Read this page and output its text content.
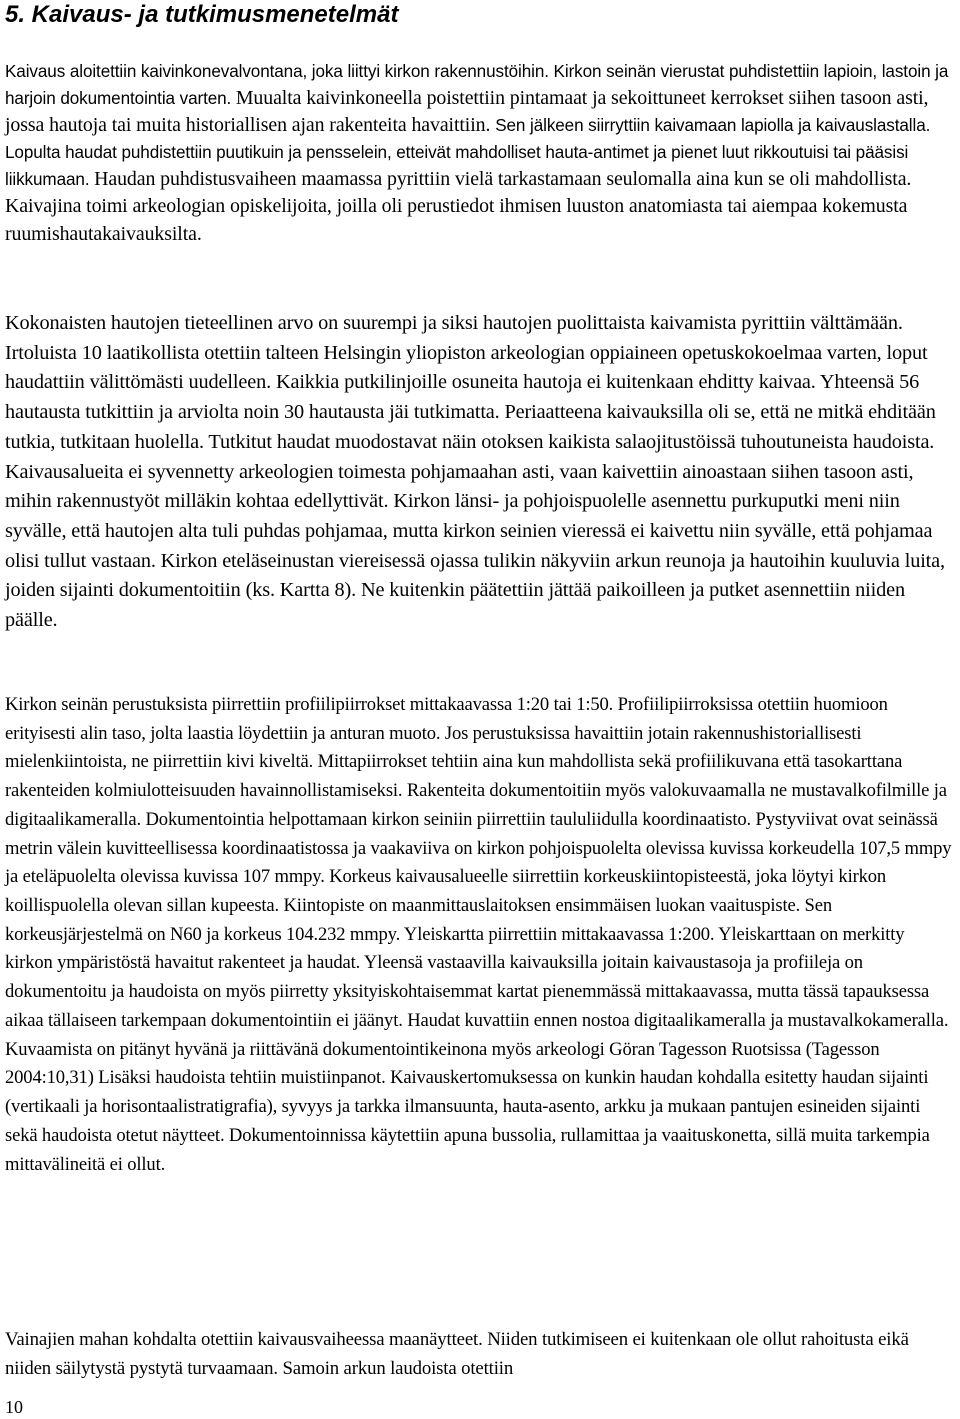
5. Kaivaus- ja tutkimusmenetelmät

Kaivaus aloitettiin kaivinkonevalvontana, joka liittyi kirkon rakennustöihin. Kirkon seinän vierustat puhdistettiin lapioin, lastoin ja harjoin dokumentointia varten. Muualta kaivinkoneella poistettiin pintamaat ja sekoittuneet kerrokset siihen tasoon asti, jossa hautoja tai muita historiallisen ajan rakenteita havaittiin. Sen jälkeen siirryttiin kaivamaan lapiolla ja kaivauslastalla. Lopulta haudat puhdistettiin puutikuin ja pensselein, etteivät mahdolliset hauta-antimet ja pienet luut rikkoutuisi tai pääsisi liikkumaan. Haudan puhdistusvaiheen maamassa pyrittiin vielä tarkastamaan seulomalla aina kun se oli mahdollista. Kaivajina toimi arkeologian opiskelijoita, joilla oli perustiedot ihmisen luuston anatomiasta tai aiempaa kokemusta ruumishautakaivauksilta.

Kokonaisten hautojen tieteellinen arvo on suurempi ja siksi hautojen puolittaista kaivamista pyrittiin välttämään. Irtoluista 10 laatikollista otettiin talteen Helsingin yliopiston arkeologian oppiaineen opetuskokoelmaa varten, loput haudattiin välittömästi uudelleen. Kaikkia putkilinjoille osuneita hautoja ei kuitenkaan ehditty kaivaa. Yhteensä 56 hautausta tutkittiin ja arviolta noin 30 hautausta jäi tutkimatta. Periaatteena kaivauksilla oli se, että ne mitkä ehditään tutkia, tutkitaan huolella. Tutkitut haudat muodostavat näin otoksen kaikista salaojitustöissä tuhoutuneista haudoista. Kaivausalueita ei syvennetty arkeologien toimesta pohjamaahan asti, vaan kaivettiin ainoastaan siihen tasoon asti, mihin rakennustyöt milläkin kohtaa edellyttivät. Kirkon länsi- ja pohjoispuolelle asennettu purkuputki meni niin syvälle, että hautojen alta tuli puhdas pohjamaa, mutta kirkon seinien vieressä ei kaivettu niin syvälle, että pohjamaa olisi tullut vastaan. Kirkon eteläseinustan viereisessä ojassa tulikin näkyviin arkun reunoja ja hautoihin kuuluvia luita, joiden sijainti dokumentoitiin (ks. Kartta 8). Ne kuitenkin päätettiin jättää paikoilleen ja putket asennettiin niiden päälle.

Kirkon seinän perustuksista piirrettiin profiilipiirrokset mittakaavassa 1:20 tai 1:50. Profiilipiirroksissa otettiin huomioon erityisesti alin taso, jolta laastia löydettiin ja anturan muoto. Jos perustuksissa havaittiin jotain rakennushistoriallisesti mielenkiintoista, ne piirrettiin kivi kiveltä. Mittapiirrokset tehtiin aina kun mahdollista sekä profiilikuvana että tasokarttana rakenteiden kolmiulotteisuuden havainnollistamiseksi. Rakenteita dokumentoitiin myös valokuvaamalla ne mustavalkofilmille ja digitaalikameralla. Dokumentointia helpottamaan kirkon seiniin piirrettiin taululiidulla koordinaatisto. Pystyviivat ovat seinässä metrin välein kuvitteellisessa koordinaatistossa ja vaakaviiva on kirkon pohjoispuolelta olevissa kuvissa korkeudella 107,5 mmpy ja eteläpuolelta olevissa kuvissa 107 mmpy. Korkeus kaivausalueelle siirrettiin korkeuskiintopisteestä, joka löytyi kirkon koillispuolella olevan sillan kupeesta. Kiintopiste on maanmittauslaitoksen ensimmäisen luokan vaaituspiste. Sen korkeusjärjestelmä on N60 ja korkeus 104.232 mmpy. Yleiskartta piirrettiin mittakaavassa 1:200. Yleiskarttaan on merkitty kirkon ympäristöstä havaitut rakenteet ja haudat. Yleensä vastaavilla kaivauksilla joitain kaivaustasoja ja profiileja on dokumentoitu ja haudoista on myös piirretty yksityiskohtaisemmat kartat pienemmässä mittakaavassa, mutta tässä tapauksessa aikaa tällaiseen tarkempaan dokumentointiin ei jäänyt. Haudat kuvattiin ennen nostoa digitaalikameralla ja mustavalkokameralla. Kuvaamista on pitänyt hyvänä ja riittävänä dokumentointikeinona myös arkeologi Göran Tagesson Ruotsissa (Tagesson 2004:10,31) Lisäksi haudoista tehtiin muistiinpanot. Kaivauskertomuksessa on kunkin haudan kohdalla esitetty haudan sijainti (vertikaali ja horisontaalistratigrafia), syvyys ja tarkka ilmansuunta, hauta-asento, arkku ja mukaan pantujen esineiden sijainti sekä haudoista otetut näytteet. Dokumentoinnissa käytettiin apuna bussolia, rullamittaa ja vaaituskonetta, sillä muita tarkempia mittavälineitä ei ollut.

Vainajien mahan kohdalta otettiin kaivausvaiheessa maanäytteet. Niiden tutkimiseen ei kuitenkaan ole ollut rahoitusta eikä niiden säilytystä pystytä turvaamaan. Samoin arkun laudoista otettiin

10
